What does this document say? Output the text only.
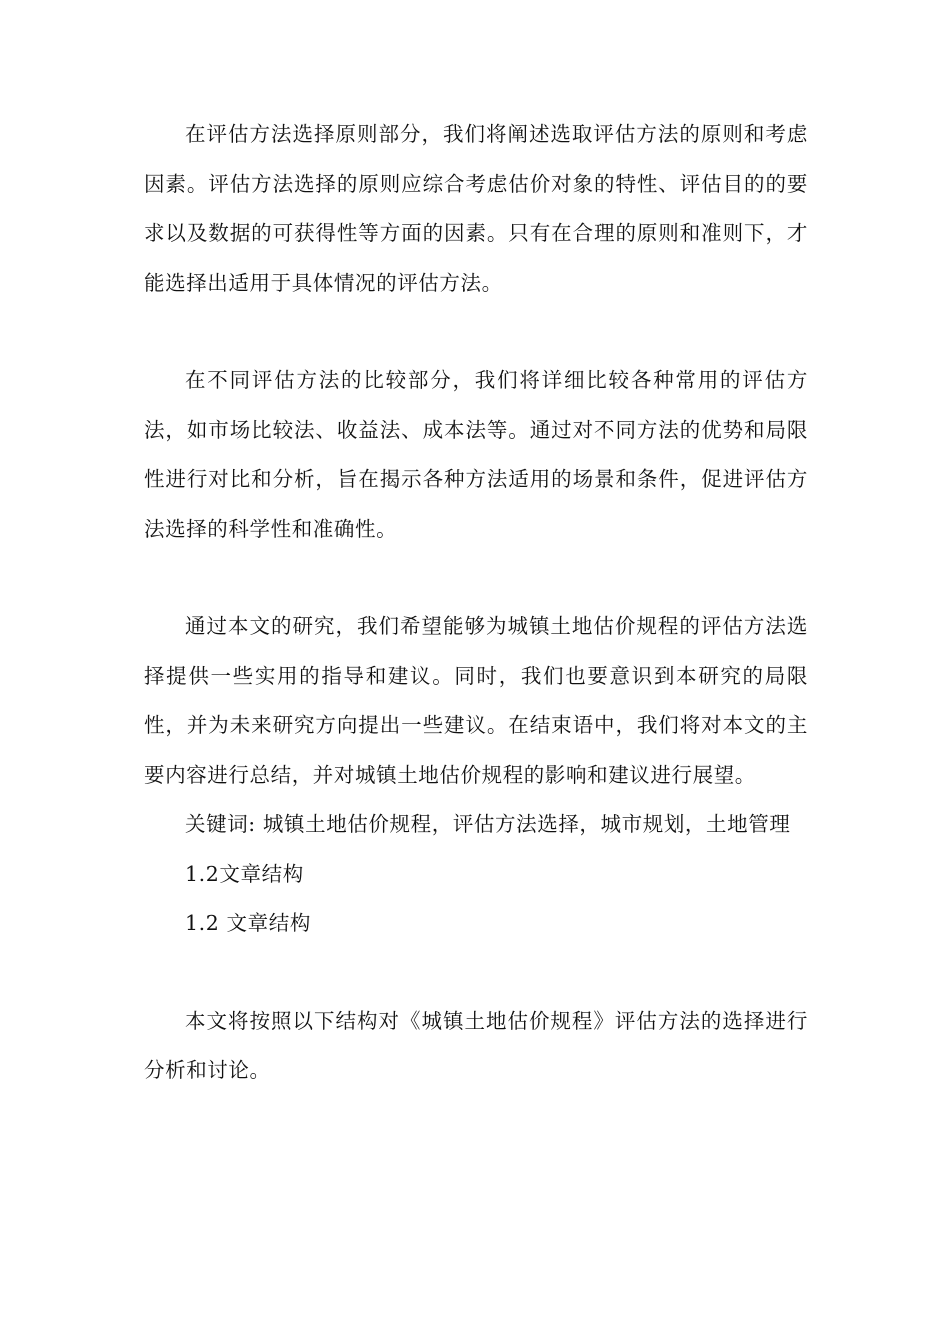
在评估方法选择原则部分，我们将阐述选取评估方法的原则和考虑因素。评估方法选择的原则应综合考虑估价对象的特性、评估目的的要求以及数据的可获得性等方面的因素。只有在合理的原则和准则下，才能选择出适用于具体情况的评估方法。

在不同评估方法的比较部分，我们将详细比较各种常用的评估方法，如市场比较法、收益法、成本法等。通过对不同方法的优势和局限性进行对比和分析，旨在揭示各种方法适用的场景和条件，促进评估方法选择的科学性和准确性。

通过本文的研究，我们希望能够为城镇土地估价规程的评估方法选择提供一些实用的指导和建议。同时，我们也要意识到本研究的局限性，并为未来研究方向提出一些建议。在结束语中，我们将对本文的主要内容进行总结，并对城镇土地估价规程的影响和建议进行展望。

关键词: 城镇土地估价规程，评估方法选择，城市规划，土地管理

1.2文章结构

1.2 文章结构

本文将按照以下结构对《城镇土地估价规程》评估方法的选择进行分析和讨论。
